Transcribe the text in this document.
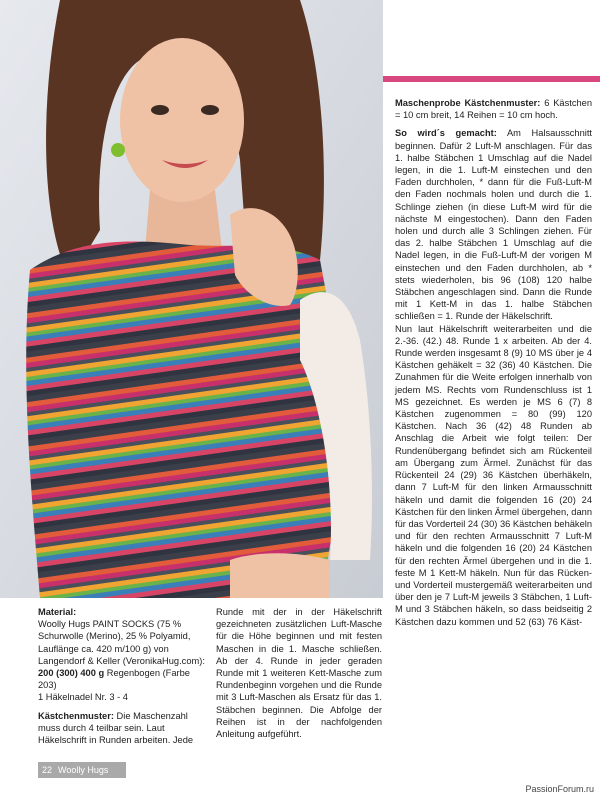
Maschenprobe Kästchenmuster: 6 Kästchen = 10 cm breit, 14 Reihen = 10 cm hoch.

So wird´s gemacht: Am Halsausschnitt beginnen. Dafür 2 Luft-M anschlagen. Für das 1. halbe Stäbchen 1 Umschlag auf die Nadel legen, in die 1. Luft-M einstechen und den Faden durchholen, * dann für die Fuß-Luft-M den Faden nochmals holen und durch die 1. Schlinge ziehen (in diese Luft-M wird für die nächste M eingestochen). Dann den Faden holen und durch alle 3 Schlingen ziehen. Für das 2. halbe Stäbchen 1 Umschlag auf die Nadel legen, in die Fuß-Luft-M der vorigen M einstechen und den Faden durchholen, ab * stets wiederholen, bis 96 (108) 120 halbe Stäbchen angeschlagen sind. Dann die Runde mit 1 Kett-M in das 1. halbe Stäbchen schließen = 1. Runde der Häkelschrift.

Nun laut Häkelschrift weiterarbeiten und die 2.-36. (42.) 48. Runde 1 x arbeiten. Ab der 4. Runde werden insgesamt 8 (9) 10 MS über je 4 Kästchen gehäkelt = 32 (36) 40 Kästchen. Die Zunahmen für die Weite erfolgen innerhalb von jedem MS. Rechts vom Rundenschluss ist 1 MS gezeichnet. Es werden je MS 6 (7) 8 Kästchen zugenommen = 80 (99) 120 Kästchen. Nach 36 (42) 48 Runden ab Anschlag die Arbeit wie folgt teilen: Der Rundenübergang befindet sich am Rückenteil am Übergang zum Ärmel. Zunächst für das Rückenteil 24 (29) 36 Kästchen überhäkeln, dann 7 Luft-M für den linken Armausschnitt häkeln und damit die folgenden 16 (20) 24 Kästchen für den linken Ärmel übergehen, dann für das Vorderteil 24 (30) 36 Kästchen behäkeln und für den rechten Armausschnitt 7 Luft-M häkeln und die folgenden 16 (20) 24 Kästchen für den rechten Ärmel übergehen und in die 1. feste M 1 Kett-M häkeln. Nun für das Rücken- und Vorderteil mustergemäß weiterarbeiten und über den je 7 Luft-M jeweils 3 Stäbchen, 1 Luft-M und 3 Stäbchen häkeln, so dass beidseitig 2 Kästchen dazu kommen und 52 (63) 76 Käst-

Material:
Woolly Hugs PAINT SOCKS (75 % Schurwolle (Merino), 25 % Polyamid, Lauflänge ca. 420 m/100 g) von Langendorf & Keller (VeronikaHug.com):
200 (300) 400 g Regenbogen (Farbe 203)

1 Häkelnadel Nr. 3 - 4

Kästchenmuster: Die Maschenzahl muss durch 4 teilbar sein. Laut Häkelschrift in Runden arbeiten. Jede

Runde mit der in der Häkelschrift gezeichneten zusätzlichen Luft-Masche für die Höhe beginnen und mit festen Maschen in die 1. Masche schließen. Ab der 4. Runde in jeder geraden Runde mit 1 weiteren Kett-Masche zum Rundenbeginn vorgehen und die Runde mit 3 Luft-Maschen als Ersatz für das 1. Stäbchen beginnen. Die Abfolge der Reihen ist in der nachfolgenden Anleitung aufgeführt.

22 Woolly Hugs
PassionForum.ru
